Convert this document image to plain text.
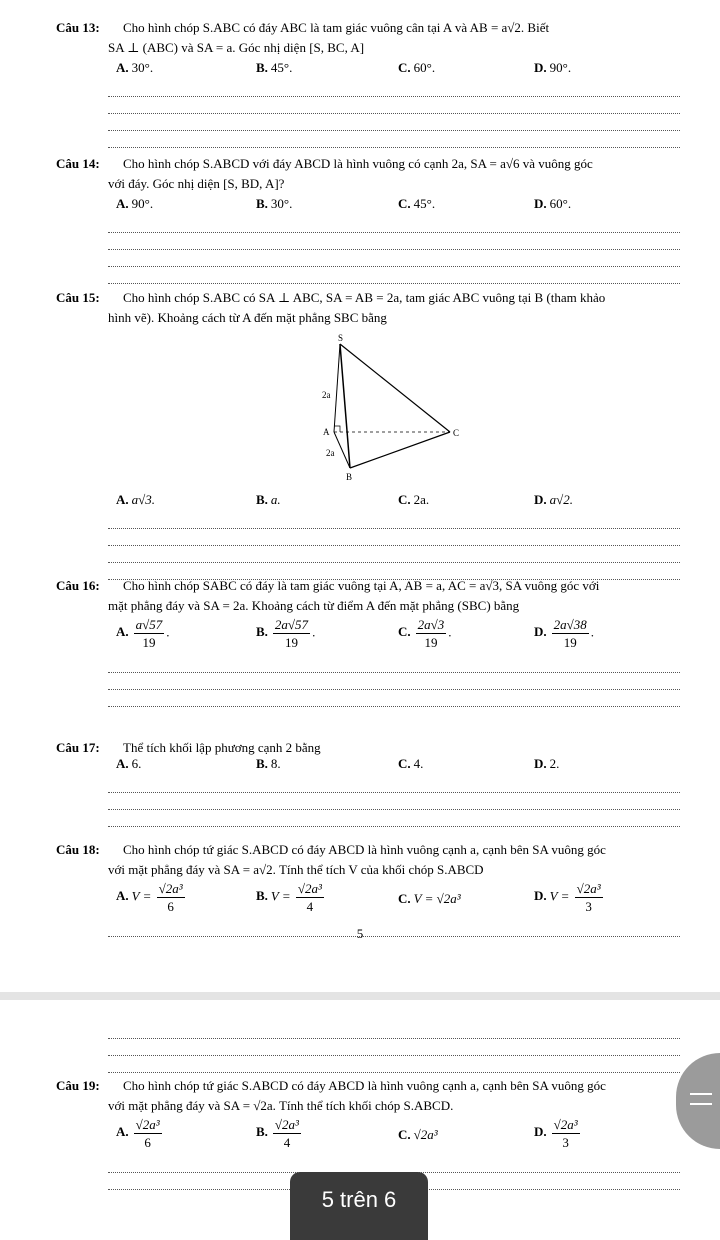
Câu 13: Cho hình chóp S.ABC có đáy ABC là tam giác vuông cân tại A và AB = a√2. Biết
SA ⊥ (ABC) và SA = a. Góc nhị diện [S, BC, A]
A. 30°.	B. 45°.	C. 60°.	D. 90°.
Câu 14: Cho hình chóp S.ABCD với đáy ABCD là hình vuông có cạnh 2a, SA = a√6 và vuông góc
với đáy. Góc nhị diện [S, BD, A]?
A. 90°.	B. 30°.	C. 45°.	D. 60°.
Câu 15: Cho hình chóp S.ABC có SA ⊥ ABC, SA = AB = 2a, tam giác ABC vuông tại B (tham khảo
hình vẽ). Khoảng cách từ A đến mặt phẳng SBC bằng
S
A	C
B
2a
2a
A. a√3.	B. a.	C. 2a.	D. a√2.
Câu 16: Cho hình chóp SABC có đáy là tam giác vuông tại A, AB = a, AC = a√3, SA vuông góc với
mặt phẳng đáy và SA = 2a. Khoảng cách từ điểm A đến mặt phẳng (SBC) bằng
A. $\frac{a√57}{19}$ .	B. $\frac{2a√57}{19}$ .	C. $\frac{2a√3}{19}$ .	D. $\frac{2a√38}{19}$ .
Câu 17: Thể tích khối lập phương cạnh 2 bằng
A. 6.	B. 8.	C. 4.	D. 2.
Câu 18: Cho hình chóp tứ giác S.ABCD có đáy ABCD là hình vuông cạnh a, cạnh bên SA vuông góc
với mặt phẳng đáy và SA = a√2. Tính thể tích V của khối chóp S.ABCD
A. $V = \frac{\text{√2a³}}{6}$	B. $V = \frac{\text{√2a³}}{4}$	C. V = √2a³	D. $V = \frac{\text{√2a³}}{3}$
5
Câu 19: Cho hình chóp tứ giác S.ABCD có đáy ABCD là hình vuông cạnh a, cạnh bên SA vuông góc
với mặt phẳng đáy và SA = √2a. Tính thể tích khối chóp S.ABCD.
A. $\frac{\text{√2a³}}{6}$	B. $\frac{\text{√2a³}}{4}$	C. √2a³	D. $\frac{\text{√2a³}}{3}$
5 trên 6
